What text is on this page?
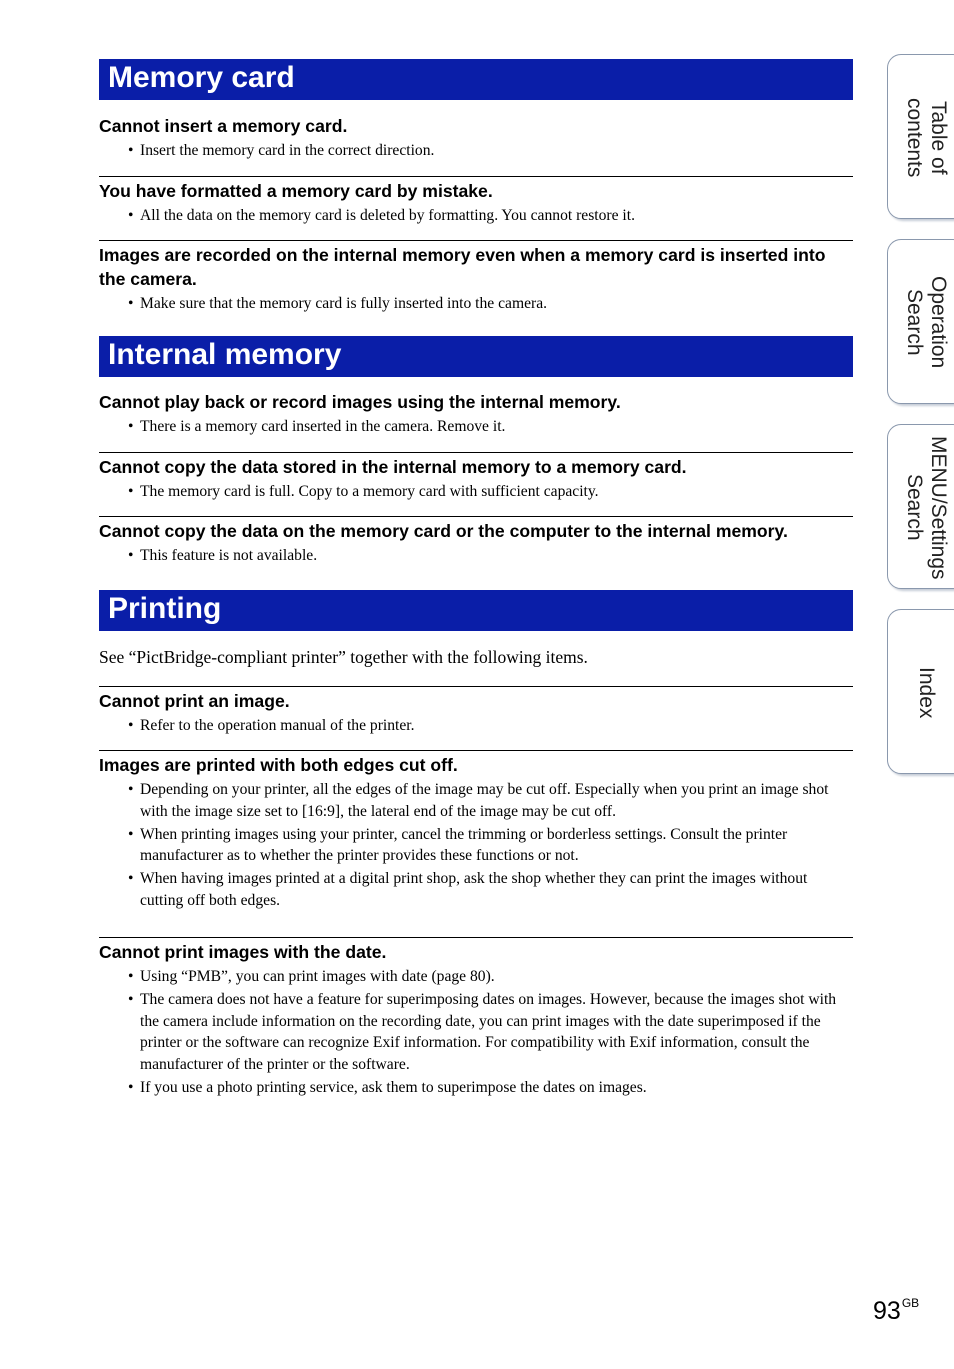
Memory card
Cannot insert a memory card.
• Insert the memory card in the correct direction.
You have formatted a memory card by mistake.
• All the data on the memory card is deleted by formatting. You cannot restore it.
Images are recorded on the internal memory even when a memory card is inserted into the camera.
• Make sure that the memory card is fully inserted into the camera.
Internal memory
Cannot play back or record images using the internal memory.
• There is a memory card inserted in the camera. Remove it.
Cannot copy the data stored in the internal memory to a memory card.
• The memory card is full. Copy to a memory card with sufficient capacity.
Cannot copy the data on the memory card or the computer to the internal memory.
• This feature is not available.
Printing
See “PictBridge-compliant printer” together with the following items.
Cannot print an image.
• Refer to the operation manual of the printer.
Images are printed with both edges cut off.
• Depending on your printer, all the edges of the image may be cut off. Especially when you print an image shot with the image size set to [16:9], the lateral end of the image may be cut off.
• When printing images using your printer, cancel the trimming or borderless settings. Consult the printer manufacturer as to whether the printer provides these functions or not.
• When having images printed at a digital print shop, ask the shop whether they can print the images without cutting off both edges.
Cannot print images with the date.
• Using “PMB”, you can print images with date (page 80).
• The camera does not have a feature for superimposing dates on images. However, because the images shot with the camera include information on the recording date, you can print images with the date superimposed if the printer or the software can recognize Exif information. For compatibility with Exif information, consult the manufacturer of the printer or the software.
• If you use a photo printing service, ask them to superimpose the dates on images.
Table of
contents
Operation
Search
MENU/Settings
Search
Index
$93^{GB}$
